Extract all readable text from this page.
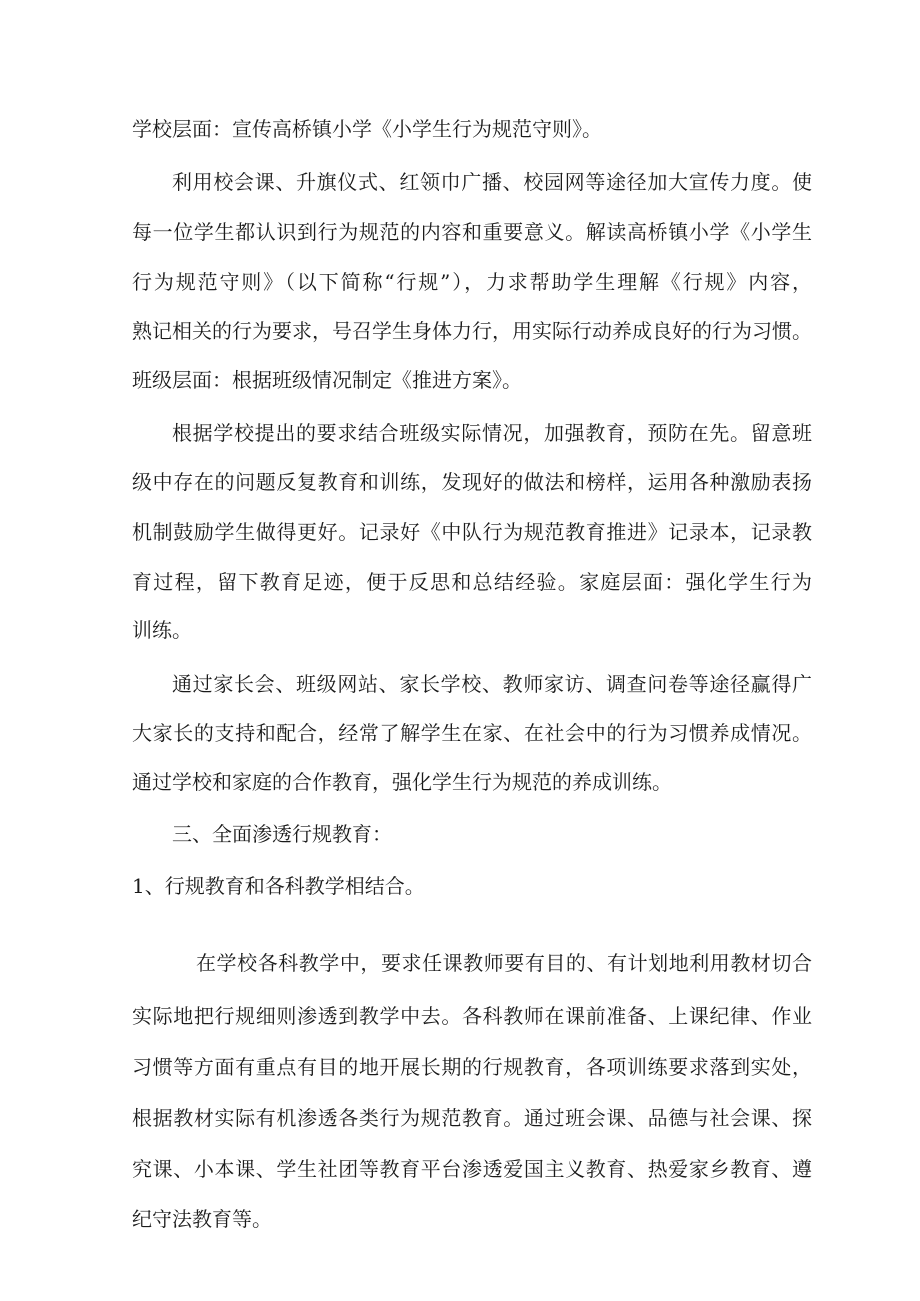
学校层面：宣传高桥镇小学《小学生行为规范守则》。

利用校会课、升旗仪式、红领巾广播、校园网等途径加大宣传力度。使

每一位学生都认识到行为规范的内容和重要意义。解读高桥镇小学《小学生

行为规范守则》（以下简称“行规”），力求帮助学生理解《行规》内容，

熟记相关的行为要求，号召学生身体力行，用实际行动养成良好的行为习惯。

班级层面：根据班级情况制定《推进方案》。

根据学校提出的要求结合班级实际情况，加强教育，预防在先。留意班

级中存在的问题反复教育和训练，发现好的做法和榜样，运用各种激励表扬

机制鼓励学生做得更好。记录好《中队行为规范教育推进》记录本，记录教

育过程，留下教育足迹，便于反思和总结经验。家庭层面：强化学生行为

训练。

通过家长会、班级网站、家长学校、教师家访、调查问卷等途径赢得广

大家长的支持和配合，经常了解学生在家、在社会中的行为习惯养成情况。

通过学校和家庭的合作教育，强化学生行为规范的养成训练。

三、全面渗透行规教育：

1、行规教育和各科教学相结合。

在学校各科教学中，要求任课教师要有目的、有计划地利用教材切合

实际地把行规细则渗透到教学中去。各科教师在课前准备、上课纪律、作业

习惯等方面有重点有目的地开展长期的行规教育，各项训练要求落到实处，

根据教材实际有机渗透各类行为规范教育。通过班会课、品德与社会课、探

究课、小本课、学生社团等教育平台渗透爱国主义教育、热爱家乡教育、遵

纪守法教育等。
